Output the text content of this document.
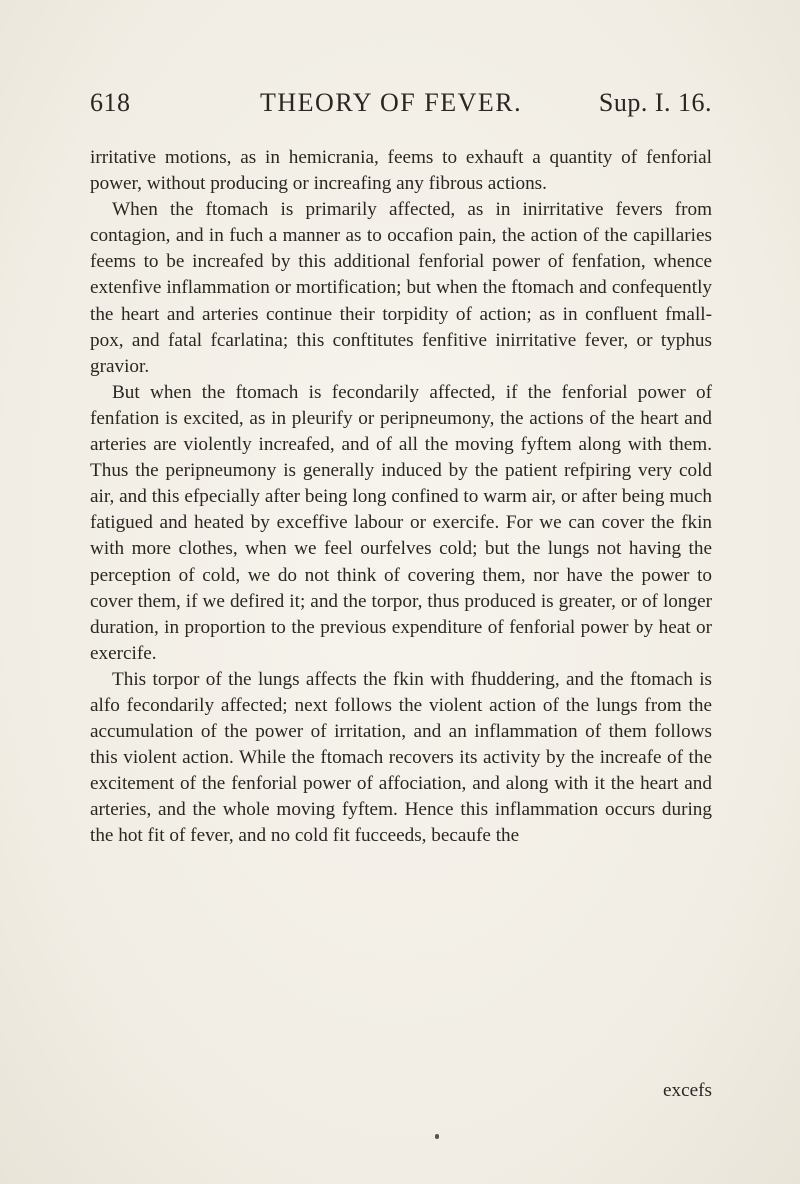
618	THEORY OF FEVER.	Sup. I. 16.

irritative motions, as in hemicrania, feems to exhauft a quantity of fenforial power, without producing or increafing any fibrous actions.

When the ftomach is primarily affected, as in inirritative fevers from contagion, and in fuch a manner as to occafion pain, the action of the capillaries feems to be increafed by this additional fenforial power of fenfation, whence extenfive inflammation or mortification; but when the ftomach and confequently the heart and arteries continue their torpidity of action; as in confluent fmall-pox, and fatal fcarlatina; this conftitutes fenfitive inirritative fever, or typhus gravior.

But when the ftomach is fecondarily affected, if the fenforial power of fenfation is excited, as in pleurify or peripneumony, the actions of the heart and arteries are violently increafed, and of all the moving fyftem along with them. Thus the peripneumony is generally induced by the patient refpiring very cold air, and this efpecially after being long confined to warm air, or after being much fatigued and heated by exceffive labour or exercife. For we can cover the fkin with more clothes, when we feel ourfelves cold; but the lungs not having the perception of cold, we do not think of covering them, nor have the power to cover them, if we defired it; and the torpor, thus produced is greater, or of longer duration, in proportion to the previous expenditure of fenforial power by heat or exercife.

This torpor of the lungs affects the fkin with fhuddering, and the ftomach is alfo fecondarily affected; next follows the violent action of the lungs from the accumulation of the power of irritation, and an inflammation of them follows this violent action. While the ftomach recovers its activity by the increafe of the excitement of the fenforial power of affociation, and along with it the heart and arteries, and the whole moving fyftem. Hence this inflammation occurs during the hot fit of fever, and no cold fit fucceeds, becaufe the

excefs
